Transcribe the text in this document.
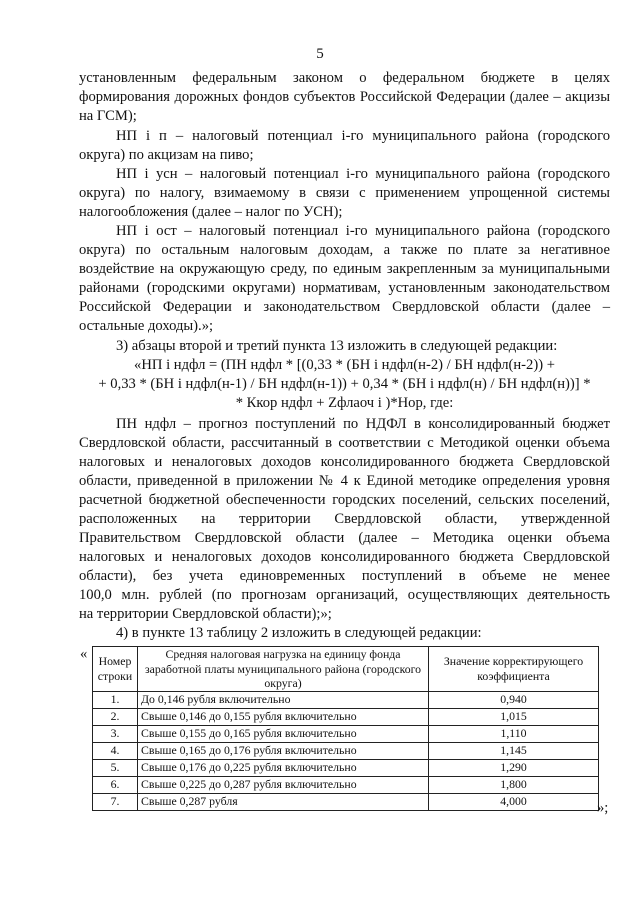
5

установленным федеральным законом о федеральном бюджете в целях

формирования дорожных фондов субъектов Российской Федерации (далее – акцизы

на ГСМ);

НП i п – налоговый потенциал i-го муниципального района (городского

округа) по акцизам на пиво;

НП i усн – налоговый потенциал i-го муниципального района (городского

округа) по налогу, взимаемому в связи с применением упрощенной системы

налогообложения (далее – налог по УСН);

НП i ост – налоговый потенциал i-го муниципального района (городского

округа) по остальным налоговым доходам, а также по плате за негативное

воздействие на окружающую среду, по единым закрепленным за муниципальными

районами (городскими округами) нормативам, установленным законодательством

Российской Федерации и законодательством Свердловской области (далее –

остальные доходы).»;

3) абзацы второй и третий пункта 13 изложить в следующей редакции:

«НП i ндфл = (ПН ндфл * [(0,33 * (БН i ндфл(н-2) / БН ндфл(н-2)) +

+ 0,33 * (БН i ндфл(н-1) / БН ндфл(н-1)) + 0,34 * (БН i ндфл(н) / БН ндфл(н))] *

* Ккор ндфл + Zфлаоч i )*Нор, где:

ПН ндфл – прогноз поступлений по НДФЛ в консолидированный бюджет

Свердловской области, рассчитанный в соответствии с Методикой оценки объема

налоговых и неналоговых доходов консолидированного бюджета Свердловской

области, приведенной в приложении № 4 к Единой методике определения уровня

расчетной бюджетной обеспеченности городских поселений, сельских поселений,

расположенных на территории Свердловской области, утвержденной

Правительством Свердловской области (далее – Методика оценки объема

налоговых и неналоговых доходов консолидированного бюджета Свердловской

области), без учета единовременных поступлений в объеме не менее

100,0 млн. рублей (по прогнозам организаций, осуществляющих деятельность

на территории Свердловской области);»;

4) в пункте 13 таблицу 2 изложить в следующей редакции:

« Номер строки	Средняя налоговая нагрузка на единицу фонда заработной платы муниципального района (городского округа)	Значение корректирующего коэффициента
1.	До 0,146 рубля включительно	0,940
2.	Свыше 0,146 до 0,155 рубля включительно	1,015
3.	Свыше 0,155 до 0,165 рубля включительно	1,110
4.	Свыше 0,165 до 0,176 рубля включительно	1,145
5.	Свыше 0,176 до 0,225 рубля включительно	1,290
6.	Свыше 0,225 до 0,287 рубля включительно	1,800
7.	Свыше 0,287 рубля	4,000	»;
